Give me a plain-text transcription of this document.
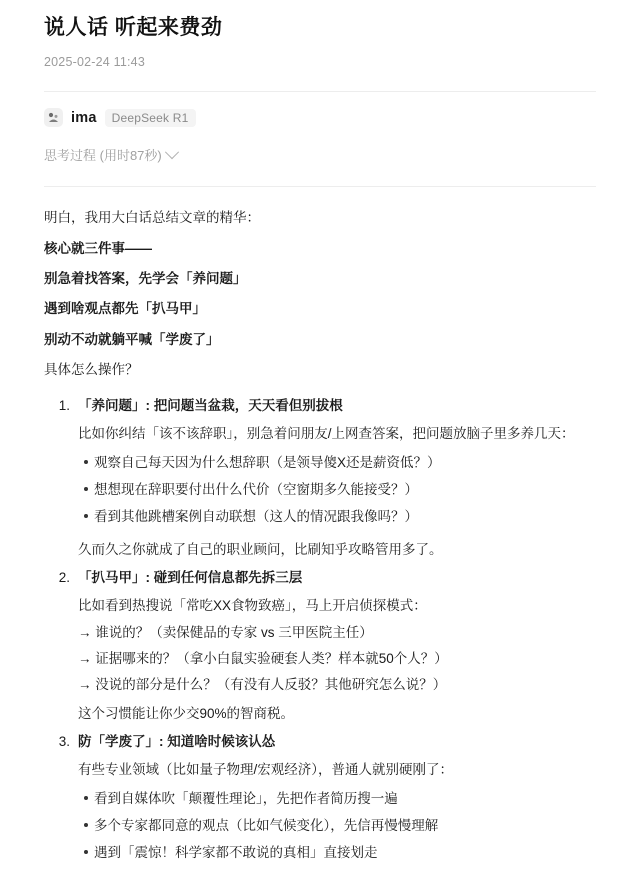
说人话 听起来费劲
2025-02-24 11:43
ima	DeepSeek R1
思考过程 (用时87秒)

明白，我用大白话总结文章的精华：

核心就三件事——

别急着找答案，先学会「养问题」

遇到啥观点都先「扒马甲」

别动不动就躺平喊「学废了」

具体怎么操作？

1. 「养问题」: 把问题当盆栽，天天看但别拔根
比如你纠结「该不该辞职」，别急着问朋友/上网查答案，把问题放脑子里多养几天：
观察自己每天因为什么想辞职（是领导傻X还是薪资低？）
想想现在辞职要付出什么代价（空窗期多久能接受？）
看到其他跳槽案例自动联想（这人的情况跟我像吗？）
久而久之你就成了自己的职业顾问，比刷知乎攻略管用多了。
2. 「扒马甲」: 碰到任何信息都先拆三层
比如看到热搜说「常吃XX食物致癌」，马上开启侦探模式：
→ 谁说的？（卖保健品的专家 vs 三甲医院主任）
→ 证据哪来的？（拿小白鼠实验硬套人类？样本就50个人？）
→ 没说的部分是什么？（有没有人反驳？其他研究怎么说？）
这个习惯能让你少交90%的智商税。
3. 防「学废了」: 知道啥时候该认怂
有些专业领域（比如量子物理/宏观经济），普通人就别硬刚了：
看到自媒体吹「颠覆性理论」，先把作者简历搜一遍
多个专家都同意的观点（比如气候变化），先信再慢慢理解
遇到「震惊！科学家都不敢说的真相」直接划走
